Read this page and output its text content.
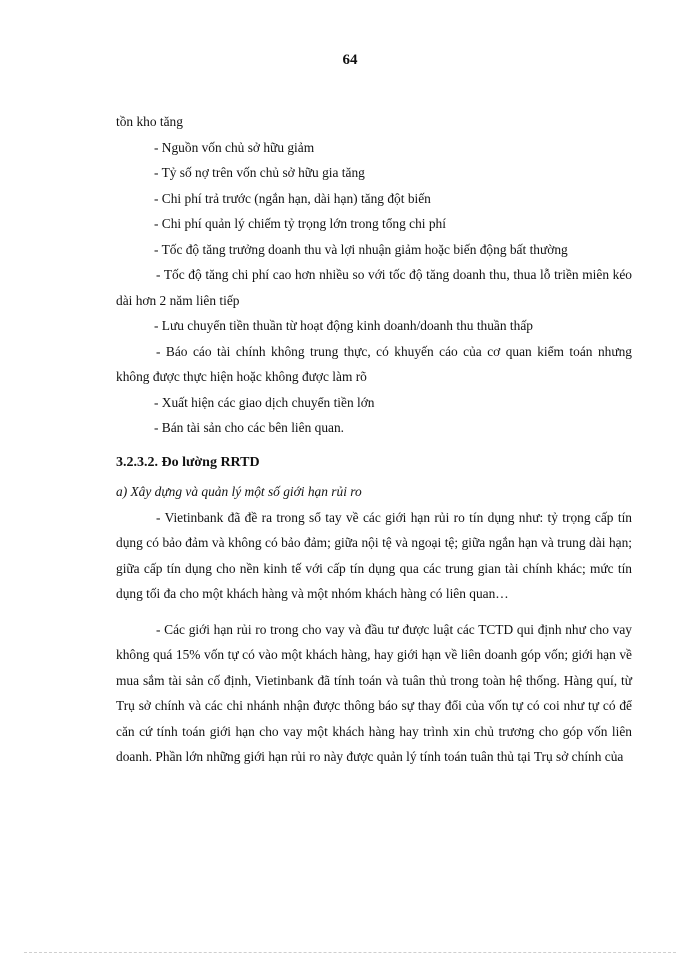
64

tồn kho tăng

- Nguồn vốn chủ sở hữu giảm

- Tỷ số nợ trên vốn chủ sở hữu gia tăng

- Chi phí trả trước (ngắn hạn, dài hạn) tăng đột biến

- Chi phí quản lý chiếm tỷ trọng lớn trong tổng chi phí

- Tốc độ tăng trưởng doanh thu và lợi nhuận giảm hoặc biến động bất thường

- Tốc độ tăng chi phí cao hơn nhiều so với tốc độ tăng doanh thu, thua lỗ triền miên kéo dài hơn 2 năm liên tiếp

- Lưu chuyển tiền thuần từ hoạt động kinh doanh/doanh thu thuần thấp

- Báo cáo tài chính không trung thực, có khuyến cáo của cơ quan kiểm toán nhưng không được thực hiện hoặc không được làm rõ

- Xuất hiện các giao dịch chuyển tiền lớn

- Bán tài sản cho các bên liên quan.

3.2.3.2. Đo lường RRTD

a) Xây dựng và quản lý một số giới hạn rủi ro

- Vietinbank đã đề ra trong sổ tay về các giới hạn rủi ro tín dụng như: tỷ trọng cấp tín dụng có bảo đảm và không có bảo đảm; giữa nội tệ và ngoại tệ; giữa ngắn hạn và trung dài hạn; giữa cấp tín dụng cho nền kinh tế với cấp tín dụng qua các trung gian tài chính khác; mức tín dụng tối đa cho một khách hàng và một nhóm khách hàng có liên quan…

- Các giới hạn rủi ro trong cho vay và đầu tư được luật các TCTD qui định như cho vay không quá 15% vốn tự có vào một khách hàng, hay giới hạn về liên doanh góp vốn; giới hạn về mua sắm tài sản cố định, Vietinbank đã tính toán và tuân thủ trong toàn hệ thống. Hàng quí, từ Trụ sở chính và các chi nhánh nhận được thông báo sự thay đổi của vốn tự có coi như tự có để căn cứ tính toán giới hạn cho vay một khách hàng hay trình xin chủ trương cho góp vốn liên doanh. Phần lớn những giới hạn rủi ro này được quản lý tính toán tuân thủ tại Trụ sở chính của
